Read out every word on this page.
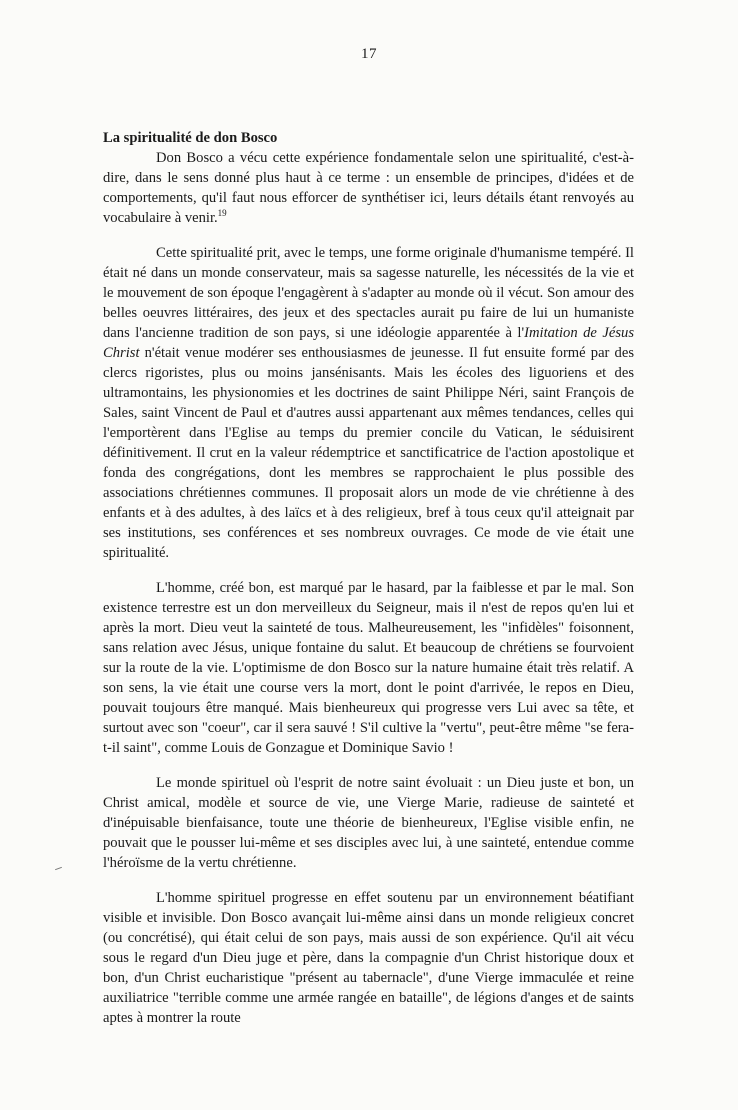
17

La spiritualité de don Bosco

Don Bosco a vécu cette expérience fondamentale selon une spiritualité, c'est-à-dire, dans le sens donné plus haut à ce terme : un ensemble de principes, d'idées et de comportements, qu'il faut nous efforcer de synthétiser ici, leurs détails étant renvoyés au vocabulaire à venir.$^{19}$

Cette spiritualité prit, avec le temps, une forme originale d'humanisme tempéré. Il était né dans un monde conservateur, mais sa sagesse naturelle, les nécessités de la vie et le mouvement de son époque l'engagèrent à s'adapter au monde où il vécut. Son amour des belles oeuvres littéraires, des jeux et des spectacles aurait pu faire de lui un humaniste dans l'ancienne tradition de son pays, si une idéologie apparentée à l'Imitation de Jésus Christ n'était venue modérer ses enthousiasmes de jeunesse. Il fut ensuite formé par des clercs rigoristes, plus ou moins jansénisants. Mais les écoles des liguoriens et des ultramontains, les physionomies et les doctrines de saint Philippe Néri, saint François de Sales, saint Vincent de Paul et d'autres aussi appartenant aux mêmes tendances, celles qui l'emportèrent dans l'Eglise au temps du premier concile du Vatican, le séduisirent définitivement. Il crut en la valeur rédemptrice et sanctificatrice de l'action apostolique et fonda des congrégations, dont les membres se rapprochaient le plus possible des associations chrétiennes communes. Il proposait alors un mode de vie chrétienne à des enfants et à des adultes, à des laïcs et à des religieux, bref à tous ceux qu'il atteignait par ses institutions, ses conférences et ses nombreux ouvrages. Ce mode de vie était une spiritualité.

L'homme, créé bon, est marqué par le hasard, par la faiblesse et par le mal. Son existence terrestre est un don merveilleux du Seigneur, mais il n'est de repos qu'en lui et après la mort. Dieu veut la sainteté de tous. Malheureusement, les "infidèles" foisonnent, sans relation avec Jésus, unique fontaine du salut. Et beaucoup de chrétiens se fourvoient sur la route de la vie. L'optimisme de don Bosco sur la nature humaine était très relatif. A son sens, la vie était une course vers la mort, dont le point d'arrivée, le repos en Dieu, pouvait toujours être manqué. Mais bienheureux qui progresse vers Lui avec sa tête, et surtout avec son "coeur", car il sera sauvé ! S'il cultive la "vertu", peut-être même "se fera-t-il saint", comme Louis de Gonzague et Dominique Savio !

Le monde spirituel où l'esprit de notre saint évoluait : un Dieu juste et bon, un Christ amical, modèle et source de vie, une Vierge Marie, radieuse de sainteté et d'inépuisable bienfaisance, toute une théorie de bienheureux, l'Eglise visible enfin, ne pouvait que le pousser lui-même et ses disciples avec lui, à une sainteté, entendue comme l'héroïsme de la vertu chrétienne.

L'homme spirituel progresse en effet soutenu par un environnement béatifiant visible et invisible. Don Bosco avançait lui-même ainsi dans un monde religieux concret (ou concrétisé), qui était celui de son pays, mais aussi de son expérience. Qu'il ait vécu sous le regard d'un Dieu juge et père, dans la compagnie d'un Christ historique doux et bon, d'un Christ eucharistique "présent au tabernacle", d'une Vierge immaculée et reine auxiliatrice "terrible comme une armée rangée en bataille", de légions d'anges et de saints aptes à montrer la route
